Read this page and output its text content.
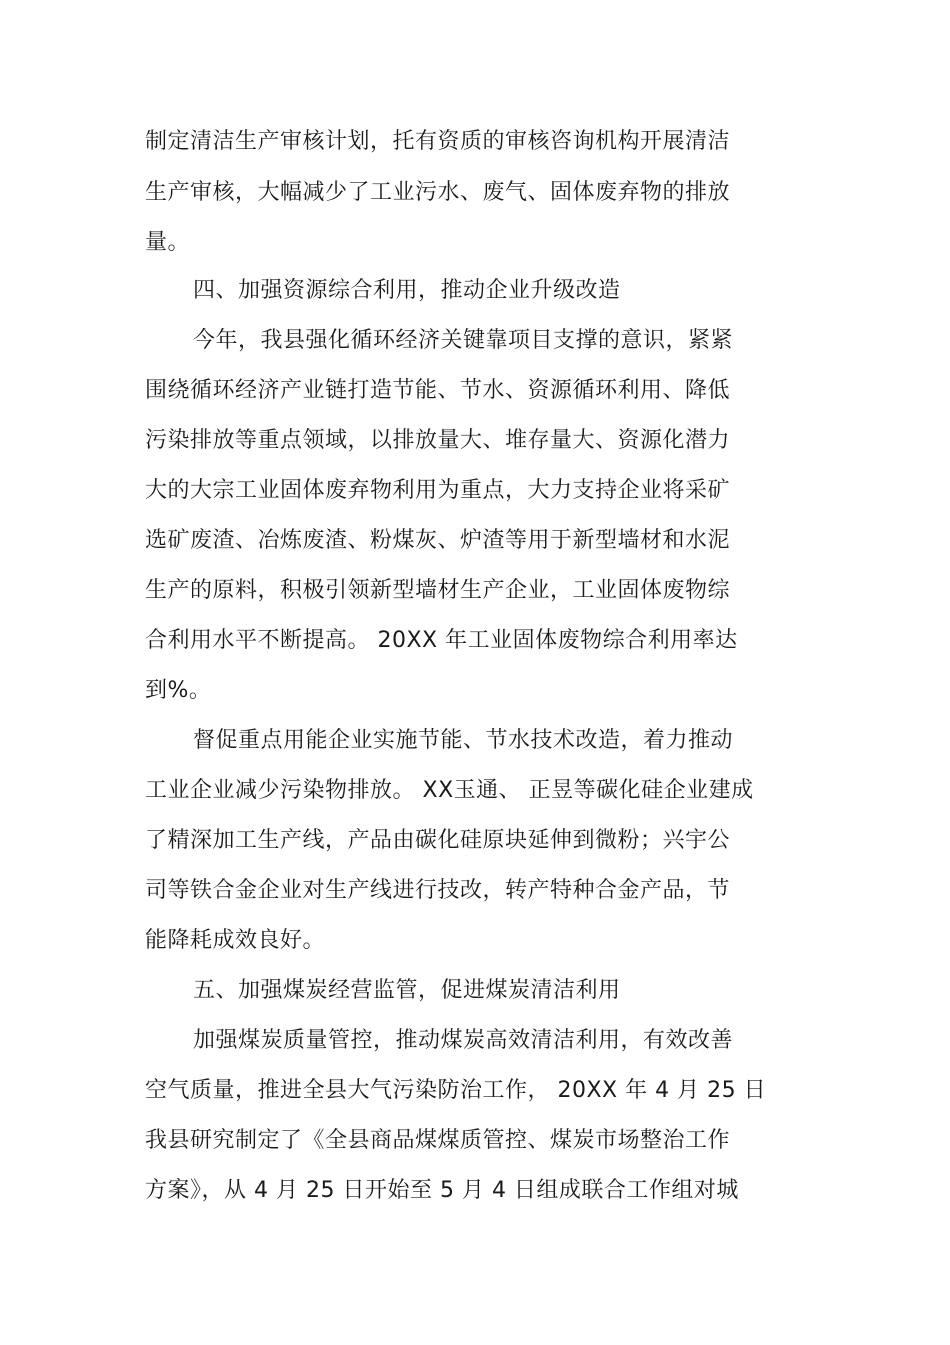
制定清洁生产审核计划，托有资质的审核咨询机构开展清洁
生产审核，大幅减少了工业污水、废气、固体废弃物的排放
量。
四、加强资源综合利用，推动企业升级改造
今年，我县强化循环经济关键靠项目支撑的意识，紧紧
围绕循环经济产业链打造节能、节水、资源循环利用、降低
污染排放等重点领域，以排放量大、堆存量大、资源化潜力
大的大宗工业固体废弃物利用为重点，大力支持企业将采矿
选矿废渣、冶炼废渣、粉煤灰、炉渣等用于新型墙材和水泥
生产的原料，积极引领新型墙材生产企业，工业固体废物综
合利用水平不断提高。 20XX 年工业固体废物综合利用率达
到%。
督促重点用能企业实施节能、节水技术改造，着力推动
工业企业减少污染物排放。 XX玉通、 正昱等碳化硅企业建成
了精深加工生产线，产品由碳化硅原块延伸到微粉；兴宇公
司等铁合金企业对生产线进行技改，转产特种合金产品，节
能降耗成效良好。
五、加强煤炭经营监管，促进煤炭清洁利用
加强煤炭质量管控，推动煤炭高效清洁利用，有效改善
空气质量，推进全县大气污染防治工作， 20XX 年 4 月 25 日
我县研究制定了《全县商品煤煤质管控、煤炭市场整治工作
方案》，从 4 月 25 日开始至 5 月 4 日组成联合工作组对城
